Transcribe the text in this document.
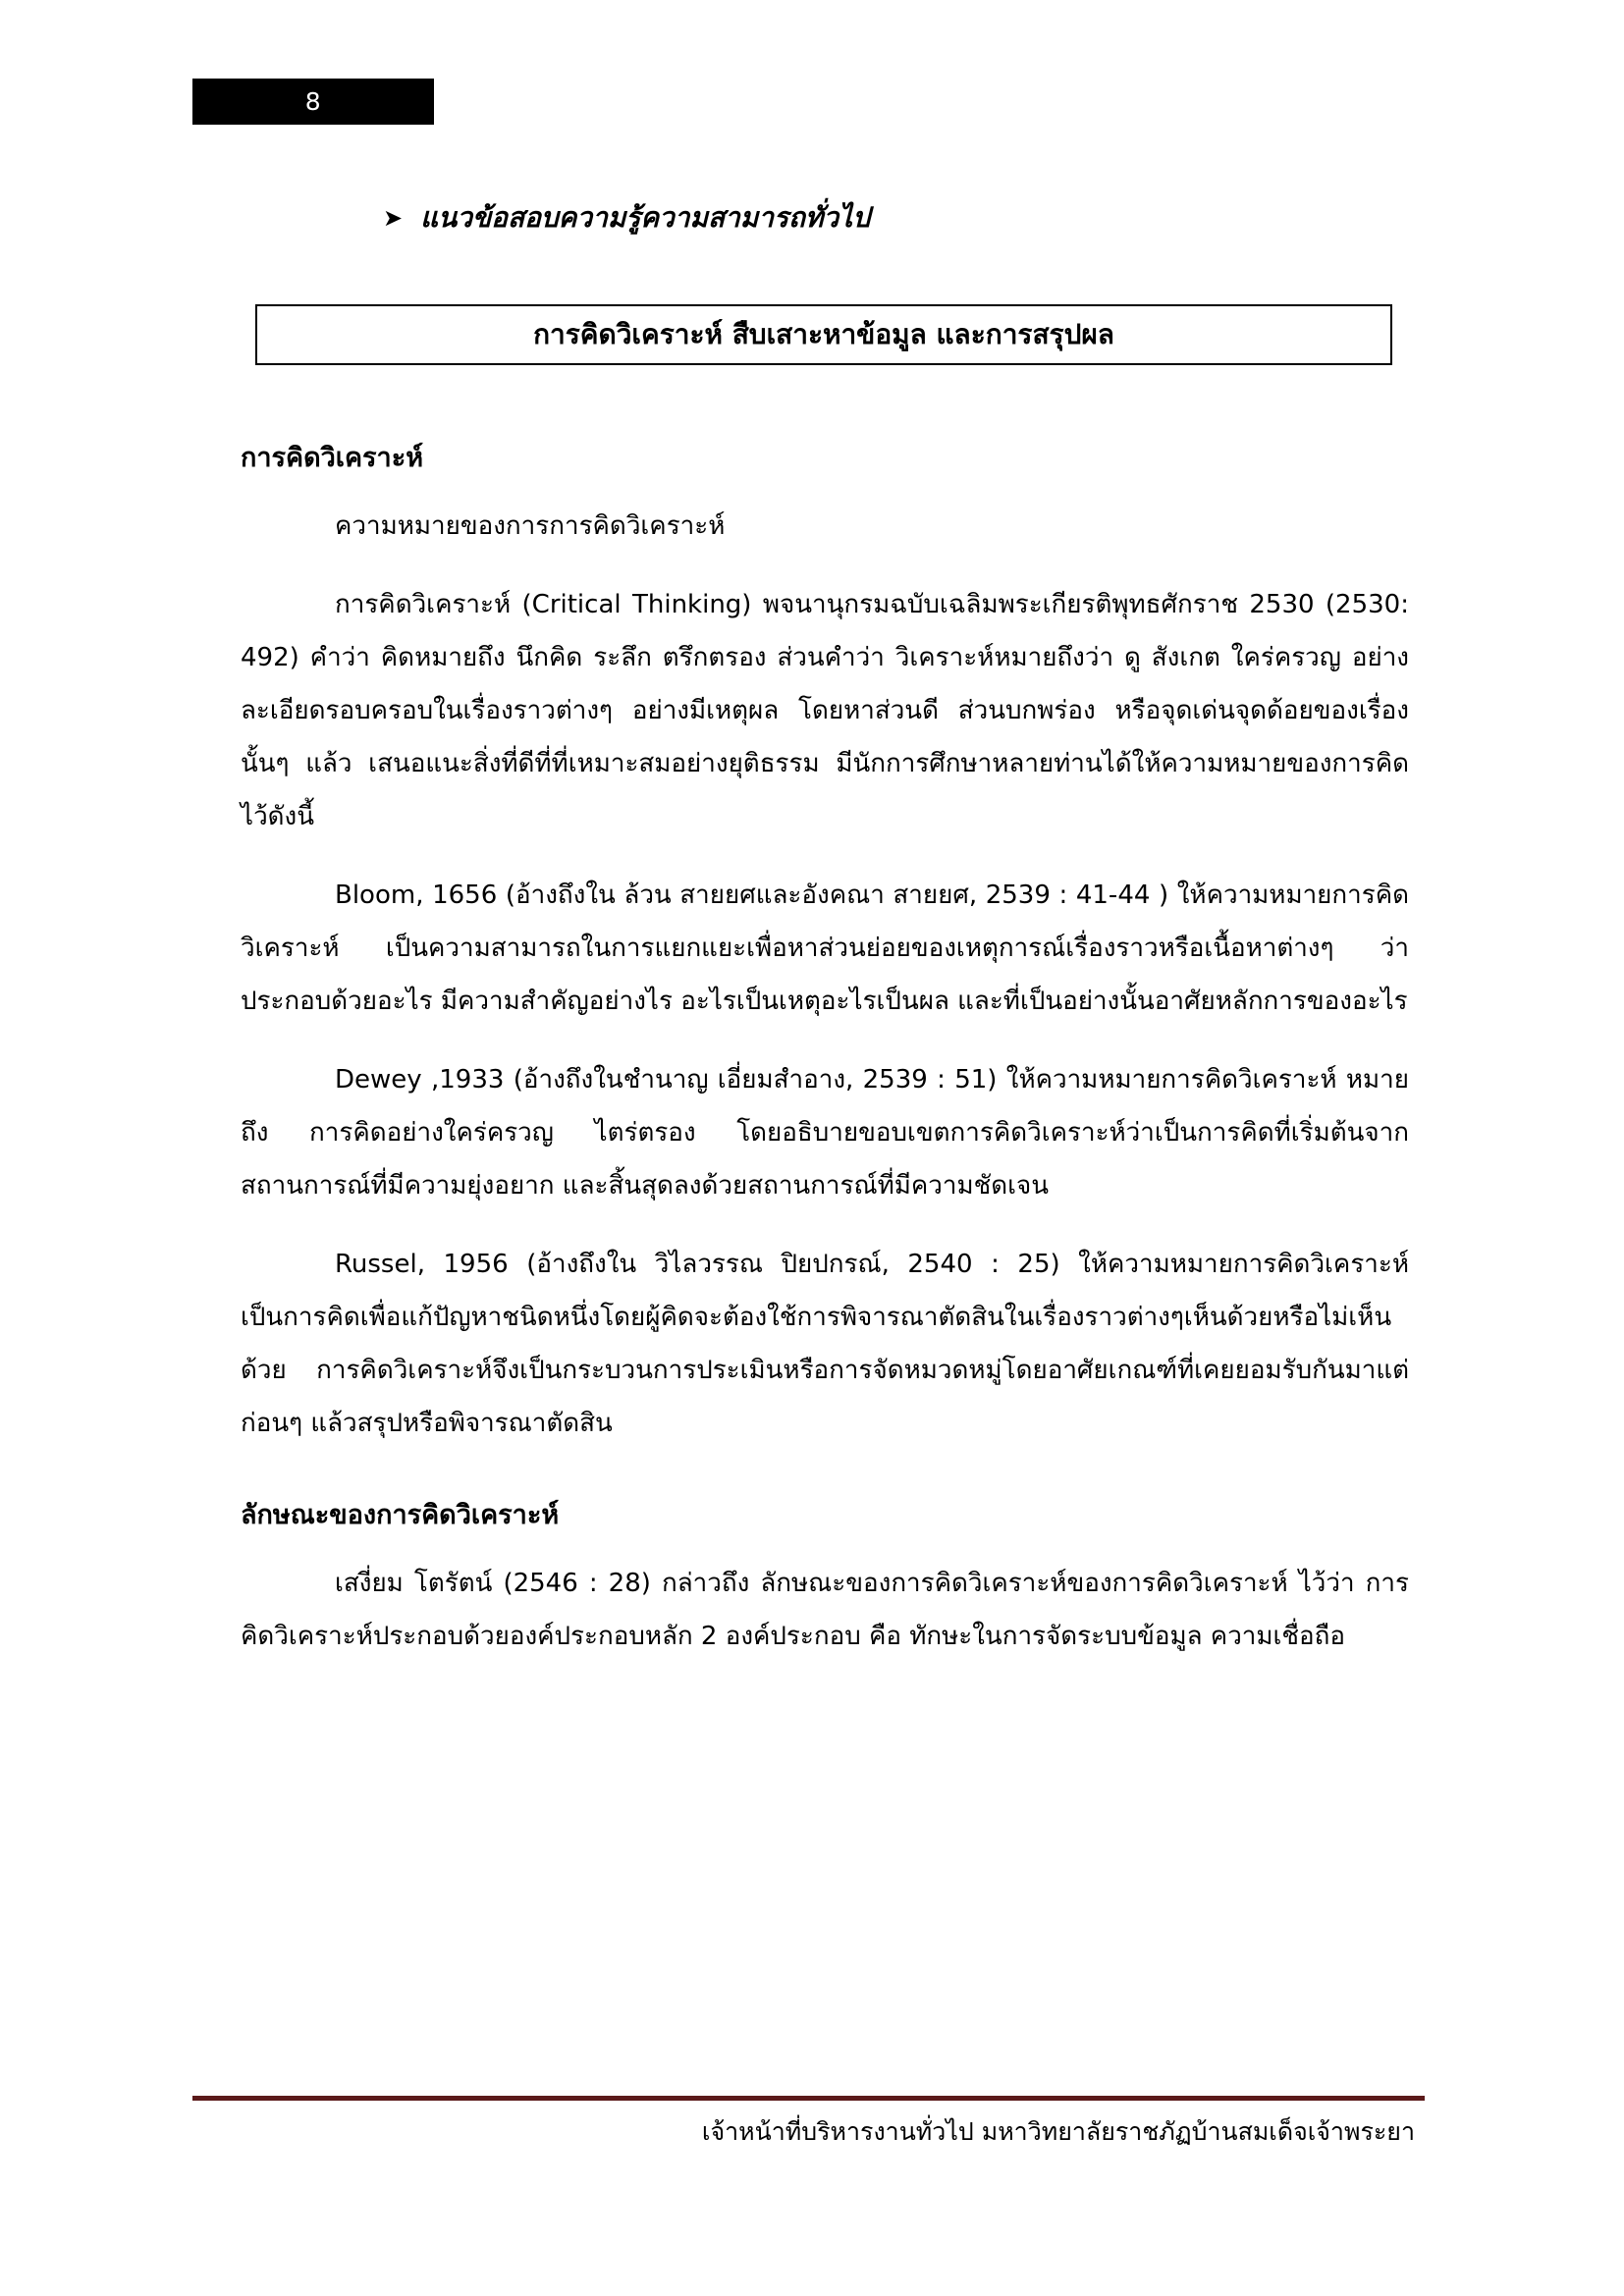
8
➤ แนวข้อสอบความรู้ความสามารถทั่วไป
การคิดวิเคราะห์ สืบเสาะหาข้อมูล และการสรุปผล
การคิดวิเคราะห์

ความหมายของการการคิดวิเคราะห์

การคิดวิเคราะห์ (Critical Thinking) พจนานุกรมฉบับเฉลิมพระเกียรติพุทธศักราช 2530 (2530: 492) คำว่า คิดหมายถึง นึกคิด ระลึก ตรึกตรอง ส่วนคำว่า วิเคราะห์หมายถึงว่า ดู สังเกต ใคร่ครวญ อย่างละเอียดรอบครอบในเรื่องราวต่างๆ อย่างมีเหตุผล โดยหาส่วนดี ส่วนบกพร่อง หรือจุดเด่นจุดด้อยของเรื่องนั้นๆ แล้ว เสนอแนะสิ่งที่ดีที่ที่เหมาะสมอย่างยุติธรรม มีนักการศึกษาหลายท่านได้ให้ความหมายของการคิดไว้ดังนี้

Bloom, 1656 (อ้างถึงใน ล้วน สายยศและอังคณา สายยศ, 2539 : 41-44 ) ให้ความหมายการคิดวิเคราะห์ เป็นความสามารถในการแยกแยะเพื่อหาส่วนย่อยของเหตุการณ์เรื่องราวหรือเนื้อหาต่างๆ ว่าประกอบด้วยอะไร มีความสำคัญอย่างไร อะไรเป็นเหตุอะไรเป็นผล และที่เป็นอย่างนั้นอาศัยหลักการของอะไร

Dewey ,1933 (อ้างถึงในชำนาญ เอี่ยมสำอาง, 2539 : 51) ให้ความหมายการคิดวิเคราะห์ หมายถึง การคิดอย่างใคร่ครวญ ไตร่ตรอง โดยอธิบายขอบเขตการคิดวิเคราะห์ว่าเป็นการคิดที่เริ่มต้นจากสถานการณ์ที่มีความยุ่งอยาก และสิ้นสุดลงด้วยสถานการณ์ที่มีความชัดเจน

Russel, 1956 (อ้างถึงใน วิไลวรรณ ปิยปกรณ์, 2540 : 25) ให้ความหมายการคิดวิเคราะห์เป็นการคิดเพื่อแก้ปัญหาชนิดหนึ่งโดยผู้คิดจะต้องใช้การพิจารณาตัดสินในเรื่องราวต่างๆเห็นด้วยหรือไม่เห็นด้วย การคิดวิเคราะห์จึงเป็นกระบวนการประเมินหรือการจัดหมวดหมู่โดยอาศัยเกณฑ์ที่เคยยอมรับกันมาแต่ก่อนๆ แล้วสรุปหรือพิจารณาตัดสิน

ลักษณะของการคิดวิเคราะห์

เสงี่ยม โตรัตน์ (2546 : 28) กล่าวถึง ลักษณะของการคิดวิเคราะห์ของการคิดวิเคราะห์ ไว้ว่า การคิดวิเคราะห์ประกอบด้วยองค์ประกอบหลัก 2 องค์ประกอบ คือ ทักษะในการจัดระบบข้อมูล ความเชื่อถือ

เจ้าหน้าที่บริหารงานทั่วไป มหาวิทยาลัยราชภัฏบ้านสมเด็จเจ้าพระยา
